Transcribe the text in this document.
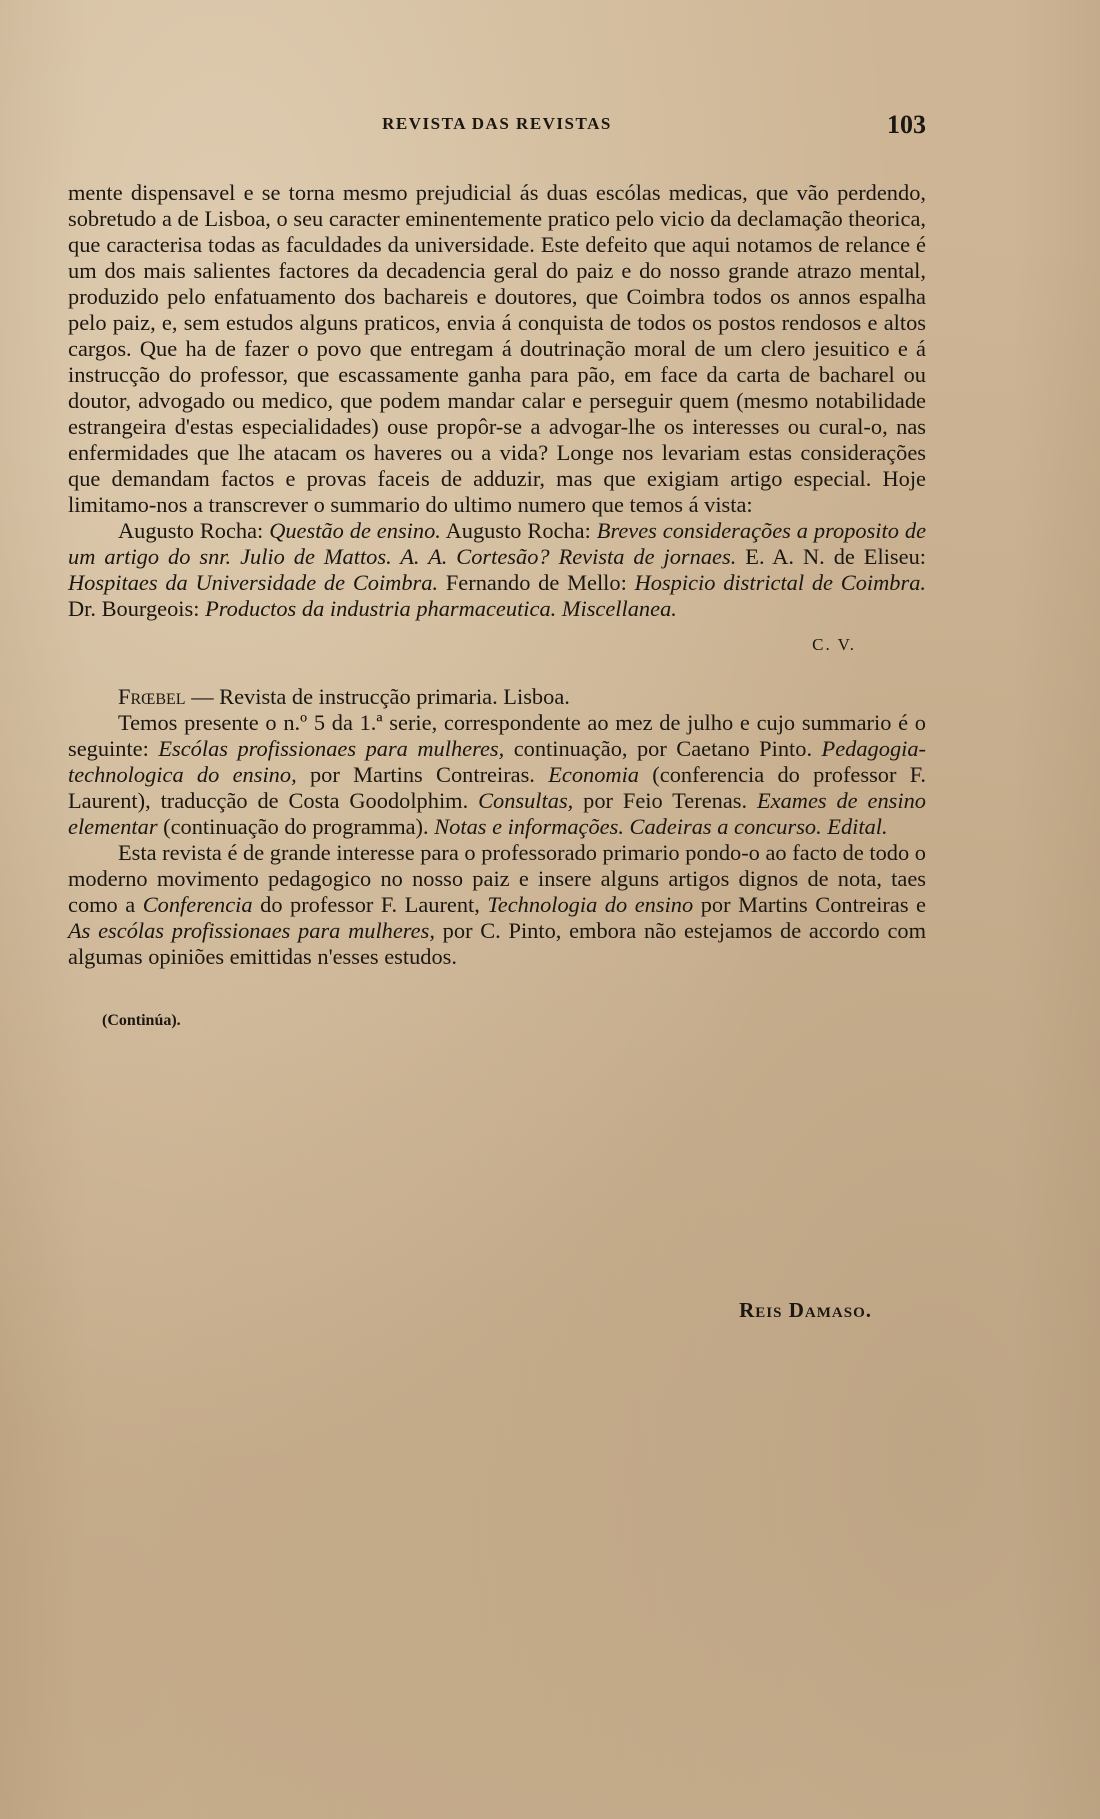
REVISTA DAS REVISTAS	103

mente dispensavel e se torna mesmo prejudicial ás duas escólas medicas, que vão perdendo, sobretudo a de Lisboa, o seu caracter eminentemente pratico pelo vicio da declamação theorica, que caracterisa todas as faculdades da universidade. Este defeito que aqui notamos de relance é um dos mais salientes factores da decadencia geral do paiz e do nosso grande atrazo mental, produzido pelo enfatuamento dos bachareis e doutores, que Coimbra todos os annos espalha pelo paiz, e, sem estudos alguns praticos, envia á conquista de todos os postos rendosos e altos cargos. Que ha de fazer o povo que entregam á doutrinação moral de um clero jesuitico e á instrucção do professor, que escassamente ganha para pão, em face da carta de bacharel ou doutor, advogado ou medico, que podem mandar calar e perseguir quem (mesmo notabilidade estrangeira d'estas especialidades) ouse propôr-se a advogar-lhe os interesses ou cural-o, nas enfermidades que lhe atacam os haveres ou a vida? Longe nos levariam estas considerações que demandam factos e provas faceis de adduzir, mas que exigiam artigo especial. Hoje limitamo-nos a transcrever o summario do ultimo numero que temos á vista:

Augusto Rocha: Questão de ensino. Augusto Rocha: Breves considerações a proposito de um artigo do snr. Julio de Mattos. A. A. Cortesão? Revista de jornaes. E. A. N. de Eliseu: Hospitaes da Universidade de Coimbra. Fernando de Mello: Hospicio districtal de Coimbra. Dr. Bourgeois: Productos da industria pharmaceutica. Miscellanea.

C. V.

Frœbel — Revista de instrucção primaria. Lisboa.

Temos presente o n.º 5 da 1.ª serie, correspondente ao mez de julho e cujo summario é o seguinte: Escólas profissionaes para mulheres, continuação, por Caetano Pinto. Pedagogia-technologica do ensino, por Martins Contreiras. Economia (conferencia do professor F. Laurent), traducção de Costa Goodolphim. Consultas, por Feio Terenas. Exames de ensino elementar (continuação do programma). Notas e informações. Cadeiras a concurso. Edital.

Esta revista é de grande interesse para o professorado primario pondo-o ao facto de todo o moderno movimento pedagogico no nosso paiz e insere alguns artigos dignos de nota, taes como a Conferencia do professor F. Laurent, Technologia do ensino por Martins Contreiras e As escólas profissionaes para mulheres, por C. Pinto, embora não estejamos de accordo com algumas opiniões emittidas n'esses estudos.

(Continúa).

Reis Damaso.
